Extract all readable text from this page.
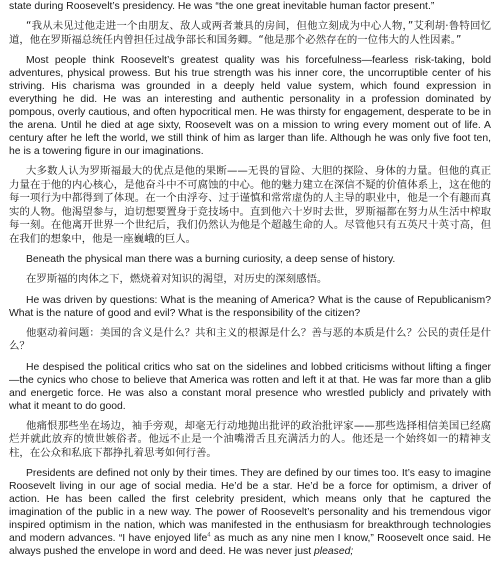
state during Roosevelt’s presidency. He was “the one great inevitable human factor present.”

“我从未见过他走进一个由朋友、敌人或两者兼具的房间，但他立刻成为中心人物，”艾利胡·鲁特回忆道，他在罗斯福总统任内曾担任过战争部长和国务卿。“他是那个必然存在的一位伟大的人性因素。”

Most people think Roosevelt’s greatest quality was his forcefulness—fearless risk-taking, bold adventures, physical prowess. But his true strength was his inner core, the uncorruptible center of his striving. His charisma was grounded in a deeply held value system, which found expression in everything he did. He was an interesting and authentic personality in a profession dominated by pompous, overly cautious, and often hypocritical men. He was thirsty for engagement, desperate to be in the arena. Until he died at age sixty, Roosevelt was on a mission to wring every moment out of life. A century after he left the world, we still think of him as larger than life. Although he was only five foot ten, he is a towering figure in our imaginations.

大多数人认为罗斯福最大的优点是他的果断——无畏的冒险、大胆的探险、身体的力量。但他的真正力量在于他的内心核心，是他奋斗中不可腐蚀的中心。他的魅力建立在深信不疑的价值体系上，这在他的每一项行为中都得到了体现。在一个由浮夸、过于谨慎和常常虚伪的人主导的职业中，他是一个有趣而真实的人物。他渴望参与，迫切想要置身于竞技场中。直到他六十岁时去世，罗斯福都在努力从生活中榨取每一刻。在他离开世界一个世纪后，我们仍然认为他是个超越生命的人。尽管他只有五英尺十英寸高，但在我们的想象中，他是一座巍峨的巨人。

Beneath the physical man there was a burning curiosity, a deep sense of history.

在罗斯福的肉体之下，燃烧着对知识的渴望，对历史的深刻感悟。

He was driven by questions: What is the meaning of America? What is the cause of Republicanism? What is the nature of good and evil? What is the responsibility of the citizen?

他驱动着问题：美国的含义是什么？共和主义的根源是什么？善与恶的本质是什么？公民的责任是什么？

He despised the political critics who sat on the sidelines and lobbed criticisms without lifting a finger—the cynics who chose to believe that America was rotten and left it at that. He was far more than a glib and energetic force. He was also a constant moral presence who wrestled publicly and privately with what it meant to do good.

他痛恨那些坐在场边，袖手旁观，却毫无行动地抛出批评的政治批评家——那些选择相信美国已经腐烂并就此放弃的愤世嫉俗者。他远不止是一个油嘴滑舌且充满活力的人。他还是一个始终如一的精神支柱，在公众和私底下都挣扎着思考如何行善。

Presidents are defined not only by their times. They are defined by our times too. It’s easy to imagine Roosevelt living in our age of social media. He’d be a star. He’d be a force for optimism, a driver of action. He has been called the first celebrity president, which means only that he captured the imagination of the public in a new way. The power of Roosevelt’s personality and his tremendous vigor inspired optimism in the nation, which was manifested in the enthusiasm for breakthrough technologies and modern advances. “I have enjoyed life$^4$ as much as any nine men I know,” Roosevelt once said. He always pushed the envelope in word and deed. He was never just pleased;
